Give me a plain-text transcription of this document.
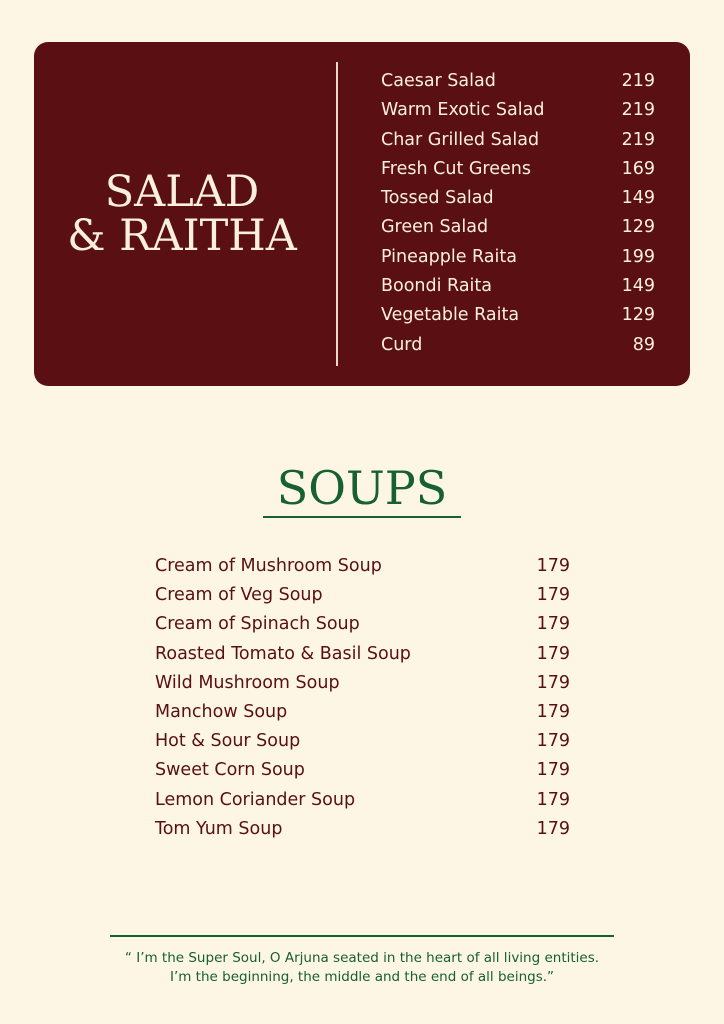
SALAD
& RAITHA
Caesar Salad	219
Warm Exotic Salad	219
Char Grilled Salad	219
Fresh Cut Greens	169
Tossed Salad	149
Green Salad	129
Pineapple Raita	199
Boondi Raita	149
Vegetable Raita	129
Curd	89
SOUPS
Cream of Mushroom Soup	179
Cream of Veg Soup	179
Cream of Spinach Soup	179
Roasted Tomato & Basil Soup	179
Wild Mushroom Soup	179
Manchow Soup	179
Hot & Sour Soup	179
Sweet Corn Soup	179
Lemon Coriander Soup	179
Tom Yum Soup	179
“ I’m the Super Soul, O Arjuna seated in the heart of all living entities.
I’m the beginning, the middle and the end of all beings.”
